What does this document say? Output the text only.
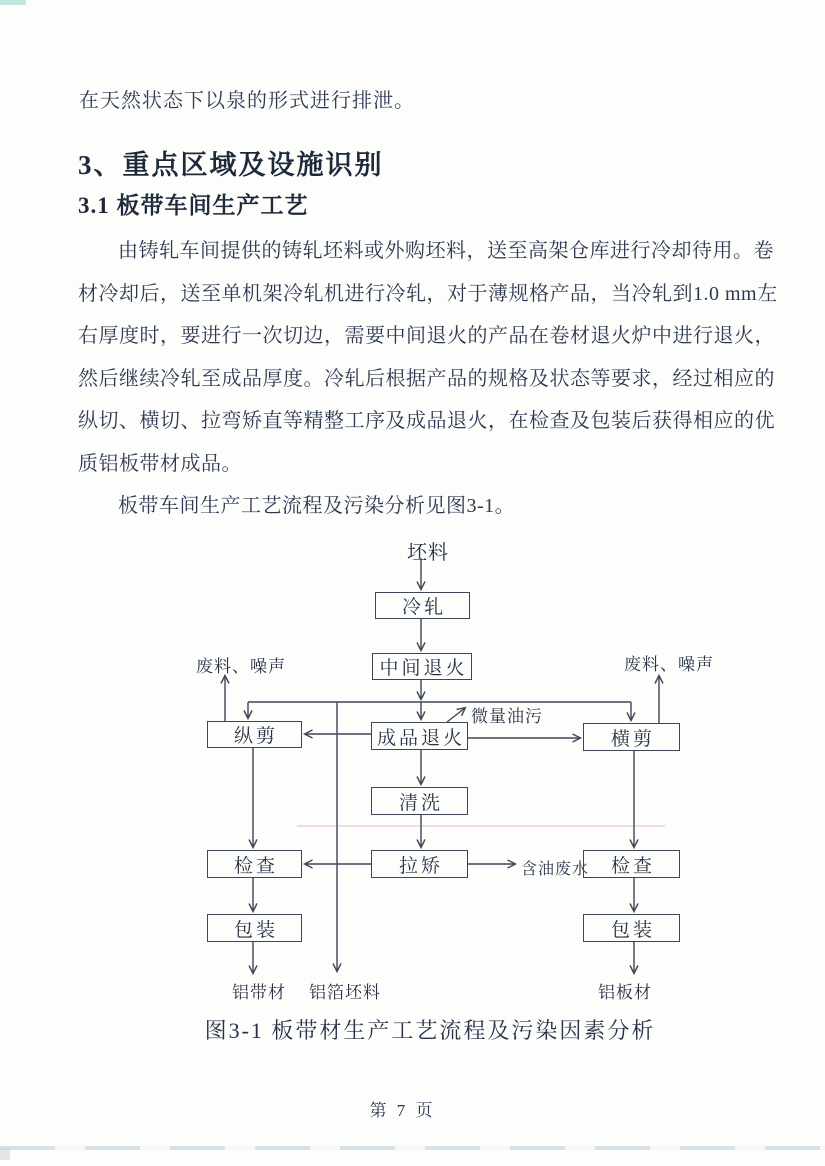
在天然状态下以泉的形式进行排泄。
3、重点区域及设施识别
3.1 板带车间生产工艺
由铸轧车间提供的铸轧坯料或外购坯料，送至高架仓库进行冷却待用。卷
材冷却后，送至单机架冷轧机进行冷轧，对于薄规格产品，当冷轧到1.0 mm左
右厚度时，要进行一次切边，需要中间退火的产品在卷材退火炉中进行退火，
然后继续冷轧至成品厚度。冷轧后根据产品的规格及状态等要求，经过相应的
纵切、横切、拉弯矫直等精整工序及成品退火，在检查及包装后获得相应的优
质铝板带材成品。
板带车间生产工艺流程及污染分析见图3-1。
坯料
废料、噪声	废料、噪声
微量油污
含油废水
铝带材 铝箔坯料	铝板材
冷轧
中间退火
成品退火
纵剪	横剪
清洗
拉矫
检查	检查
包装	包装
图3-1 板带材生产工艺流程及污染因素分析
第 7 页
